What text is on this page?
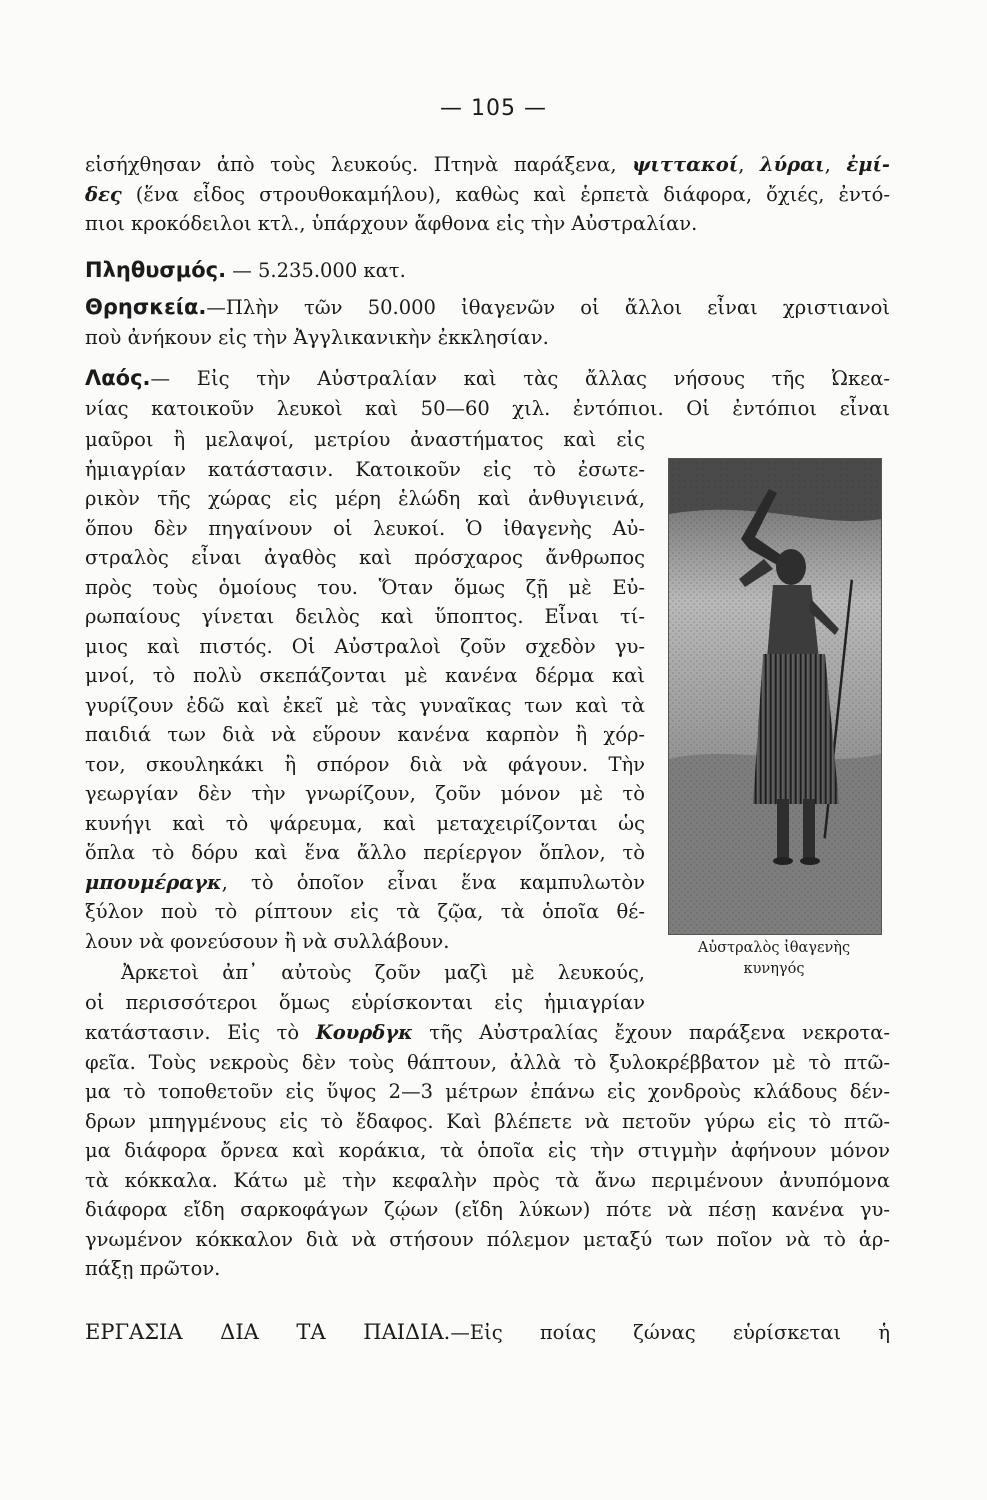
— 105 —
εἰσήχθησαν ἀπὸ τοὺς λευκούς. Πτηνὰ παράξενα, ψιττακοί, λύραι, ἐμί-
δες (ἕνα εἶδος στρουθοκαμήλου), καθὼς καὶ ἑρπετὰ διάφορα, ὄχιές, ἐντό-
πιοι κροκόδειλοι κτλ., ὑπάρχουν ἄφθονα εἰς τὴν Αὐστραλίαν.
Πληθυσμός. — 5.235.000 κατ.
Θρησκεία.—Πλὴν τῶν 50.000 ἰθαγενῶν οἱ ἄλλοι εἶναι χριστιανοὶ
ποὺ ἀνήκουν εἰς τὴν Ἀγγλικανικὴν ἐκκλησίαν.
Λαός.— Εἰς τὴν Αὐστραλίαν καὶ τὰς ἄλλας νήσους τῆς Ὠκεα-
νίας κατοικοῦν λευκοὶ καὶ 50—60 χιλ. ἐντόπιοι. Οἱ ἐντόπιοι εἶναι
μαῦροι ἢ μελαψοί, μετρίου ἀναστήματος καὶ εἰς
ἡμιαγρίαν κατάστασιν. Κατοικοῦν εἰς τὸ ἐσωτε-
ρικὸν τῆς χώρας εἰς μέρη ἑλώδη καὶ ἀνθυγιεινά,
ὅπου δὲν πηγαίνουν οἱ λευκοί. Ὁ ἰθαγενὴς Αὐ-
στραλὸς εἶναι ἀγαθὸς καὶ πρόσχαρος ἄνθρωπος
πρὸς τοὺς ὁμοίους του. Ὅταν ὅμως ζῇ μὲ Εὐ-
ρωπαίους γίνεται δειλὸς καὶ ὕποπτος. Εἶναι τί-
μιος καὶ πιστός. Οἱ Αὐστραλοὶ ζοῦν σχεδὸν γυ-
μνοί, τὸ πολὺ σκεπάζονται μὲ κανένα δέρμα καὶ
γυρίζουν ἐδῶ καὶ ἐκεῖ μὲ τὰς γυναῖκας των καὶ τὰ
παιδιά των διὰ νὰ εὕρουν κανένα καρπὸν ἢ χόρ-
τον, σκουληκάκι ἢ σπόρον διὰ νὰ φάγουν. Τὴν
γεωργίαν δὲν τὴν γνωρίζουν, ζοῦν μόνον μὲ τὸ
κυνήγι καὶ τὸ ψάρευμα, καὶ μεταχειρίζονται ὡς
ὅπλα τὸ δόρυ καὶ ἕνα ἄλλο περίεργον ὅπλον, τὸ
μπουμέραγκ, τὸ ὁποῖον εἶναι ἕνα καμπυλωτὸν
ξύλον ποὺ τὸ ρίπτουν εἰς τὰ ζῷα, τὰ ὁποῖα θέ-
λουν νὰ φονεύσουν ἢ νὰ συλλάβουν.
Ἀρκετοὶ ἀπ᾽ αὐτοὺς ζοῦν μαζὶ μὲ λευκούς,
οἱ περισσότεροι ὅμως εὑρίσκονται εἰς ἡμιαγρίαν
κατάστασιν. Εἰς τὸ Κουρδγκ τῆς Αὐστραλίας ἔχουν παράξενα νεκροτα-
φεῖα. Τοὺς νεκροὺς δὲν τοὺς θάπτουν, ἀλλὰ τὸ ξυλοκρέββατον μὲ τὸ πτῶ-
μα τὸ τοποθετοῦν εἰς ὕψος 2—3 μέτρων ἐπάνω εἰς χονδροὺς κλάδους δέν-
δρων μπηγμένους εἰς τὸ ἔδαφος. Καὶ βλέπετε νὰ πετοῦν γύρω εἰς τὸ πτῶ-
μα διάφορα ὄρνεα καὶ κοράκια, τὰ ὁποῖα εἰς τὴν στιγμὴν ἀφήνουν μόνον
τὰ κόκκαλα. Κάτω μὲ τὴν κεφαλὴν πρὸς τὰ ἄνω περιμένουν ἀνυπόμονα
διάφορα εἴδη σαρκοφάγων ζῴων (εἴδη λύκων) πότε νὰ πέσῃ κανένα γυ-
γνωμένον κόκκαλον διὰ νὰ στήσουν πόλεμον μεταξύ των ποῖον νὰ τὸ ἁρ-
πάξῃ πρῶτον.
ΕΡΓΑΣΙΑ ΔΙΑ ΤΑ ΠΑΙΔΙΑ.—Εἰς ποίας ζώνας εὑρίσκεται ἡ
Αὐστραλὸς ἰθαγενὴς
κυνηγός
